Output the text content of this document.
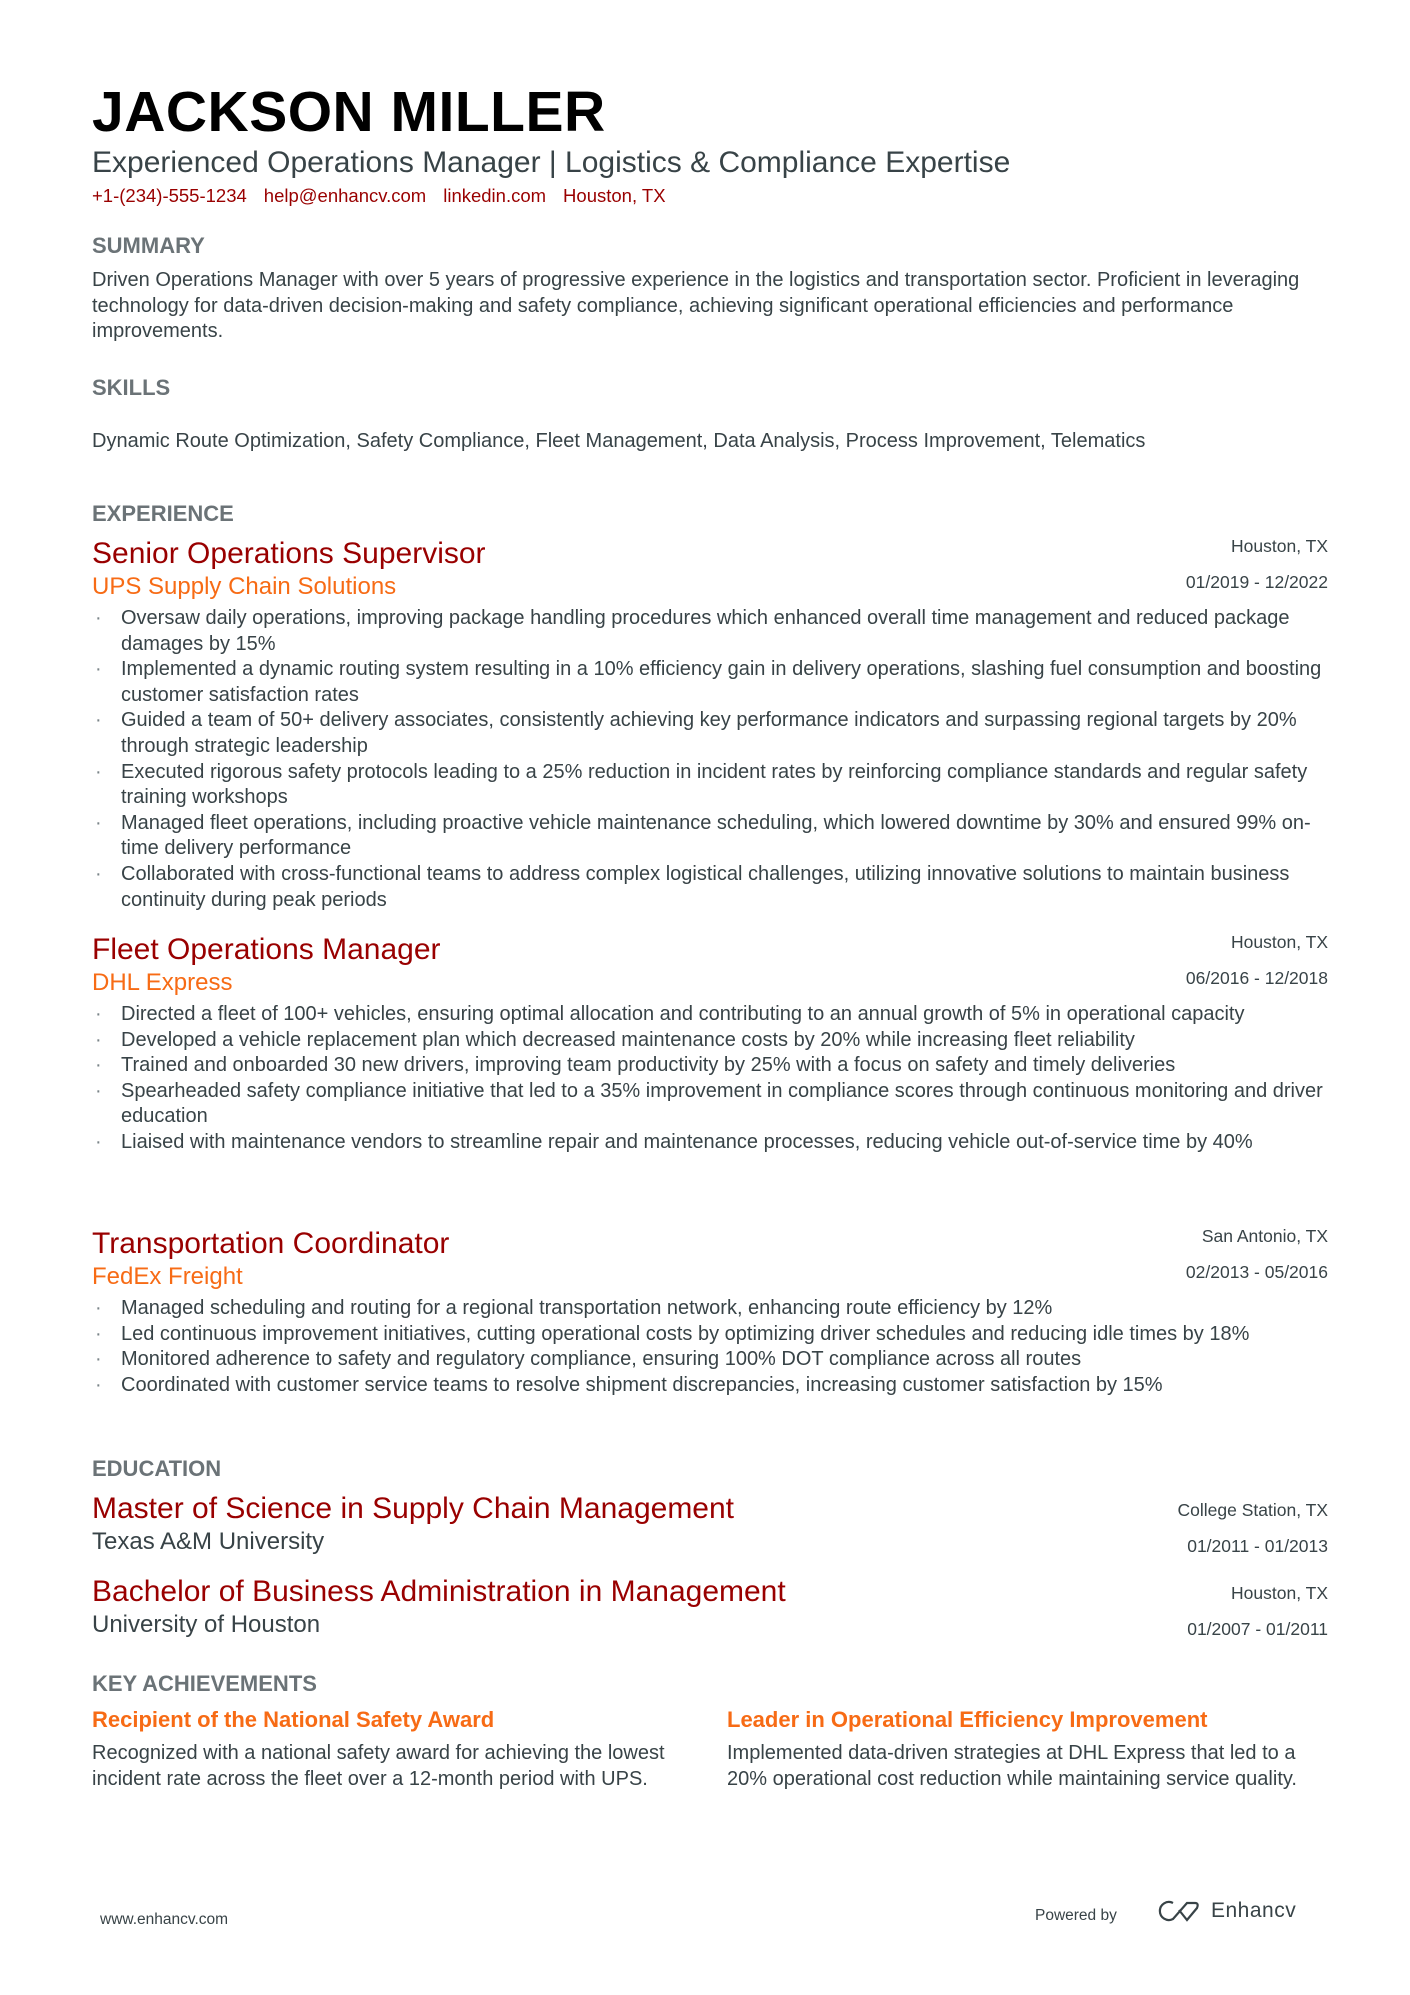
JACKSON MILLER
Experienced Operations Manager | Logistics & Compliance Expertise
+1-(234)-555-1234 help@enhancv.com linkedin.com Houston, TX
SUMMARY
Driven Operations Manager with over 5 years of progressive experience in the logistics and transportation sector. Proficient in leveraging technology for data-driven decision-making and safety compliance, achieving significant operational efficiencies and performance improvements.
SKILLS
Dynamic Route Optimization, Safety Compliance, Fleet Management, Data Analysis, Process Improvement, Telematics
EXPERIENCE
Senior Operations Supervisor
UPS Supply Chain Solutions
Houston, TX
01/2019 - 12/2022
· Oversaw daily operations, improving package handling procedures which enhanced overall time management and reduced package damages by 15%
· Implemented a dynamic routing system resulting in a 10% efficiency gain in delivery operations, slashing fuel consumption and boosting customer satisfaction rates
· Guided a team of 50+ delivery associates, consistently achieving key performance indicators and surpassing regional targets by 20% through strategic leadership
· Executed rigorous safety protocols leading to a 25% reduction in incident rates by reinforcing compliance standards and regular safety training workshops
· Managed fleet operations, including proactive vehicle maintenance scheduling, which lowered downtime by 30% and ensured 99% on-time delivery performance
· Collaborated with cross-functional teams to address complex logistical challenges, utilizing innovative solutions to maintain business continuity during peak periods
Fleet Operations Manager
DHL Express
Houston, TX
06/2016 - 12/2018
· Directed a fleet of 100+ vehicles, ensuring optimal allocation and contributing to an annual growth of 5% in operational capacity
· Developed a vehicle replacement plan which decreased maintenance costs by 20% while increasing fleet reliability
· Trained and onboarded 30 new drivers, improving team productivity by 25% with a focus on safety and timely deliveries
· Spearheaded safety compliance initiative that led to a 35% improvement in compliance scores through continuous monitoring and driver education
· Liaised with maintenance vendors to streamline repair and maintenance processes, reducing vehicle out-of-service time by 40%
Transportation Coordinator
FedEx Freight
San Antonio, TX
02/2013 - 05/2016
· Managed scheduling and routing for a regional transportation network, enhancing route efficiency by 12%
· Led continuous improvement initiatives, cutting operational costs by optimizing driver schedules and reducing idle times by 18%
· Monitored adherence to safety and regulatory compliance, ensuring 100% DOT compliance across all routes
· Coordinated with customer service teams to resolve shipment discrepancies, increasing customer satisfaction by 15%
EDUCATION
Master of Science in Supply Chain Management
Texas A&M University
College Station, TX
01/2011 - 01/2013
Bachelor of Business Administration in Management
University of Houston
Houston, TX
01/2007 - 01/2011
KEY ACHIEVEMENTS
Recipient of the National Safety Award
Recognized with a national safety award for achieving the lowest incident rate across the fleet over a 12-month period with UPS.
Leader in Operational Efficiency Improvement
Implemented data-driven strategies at DHL Express that led to a 20% operational cost reduction while maintaining service quality.
www.enhancv.com	Powered by	Enhancv
